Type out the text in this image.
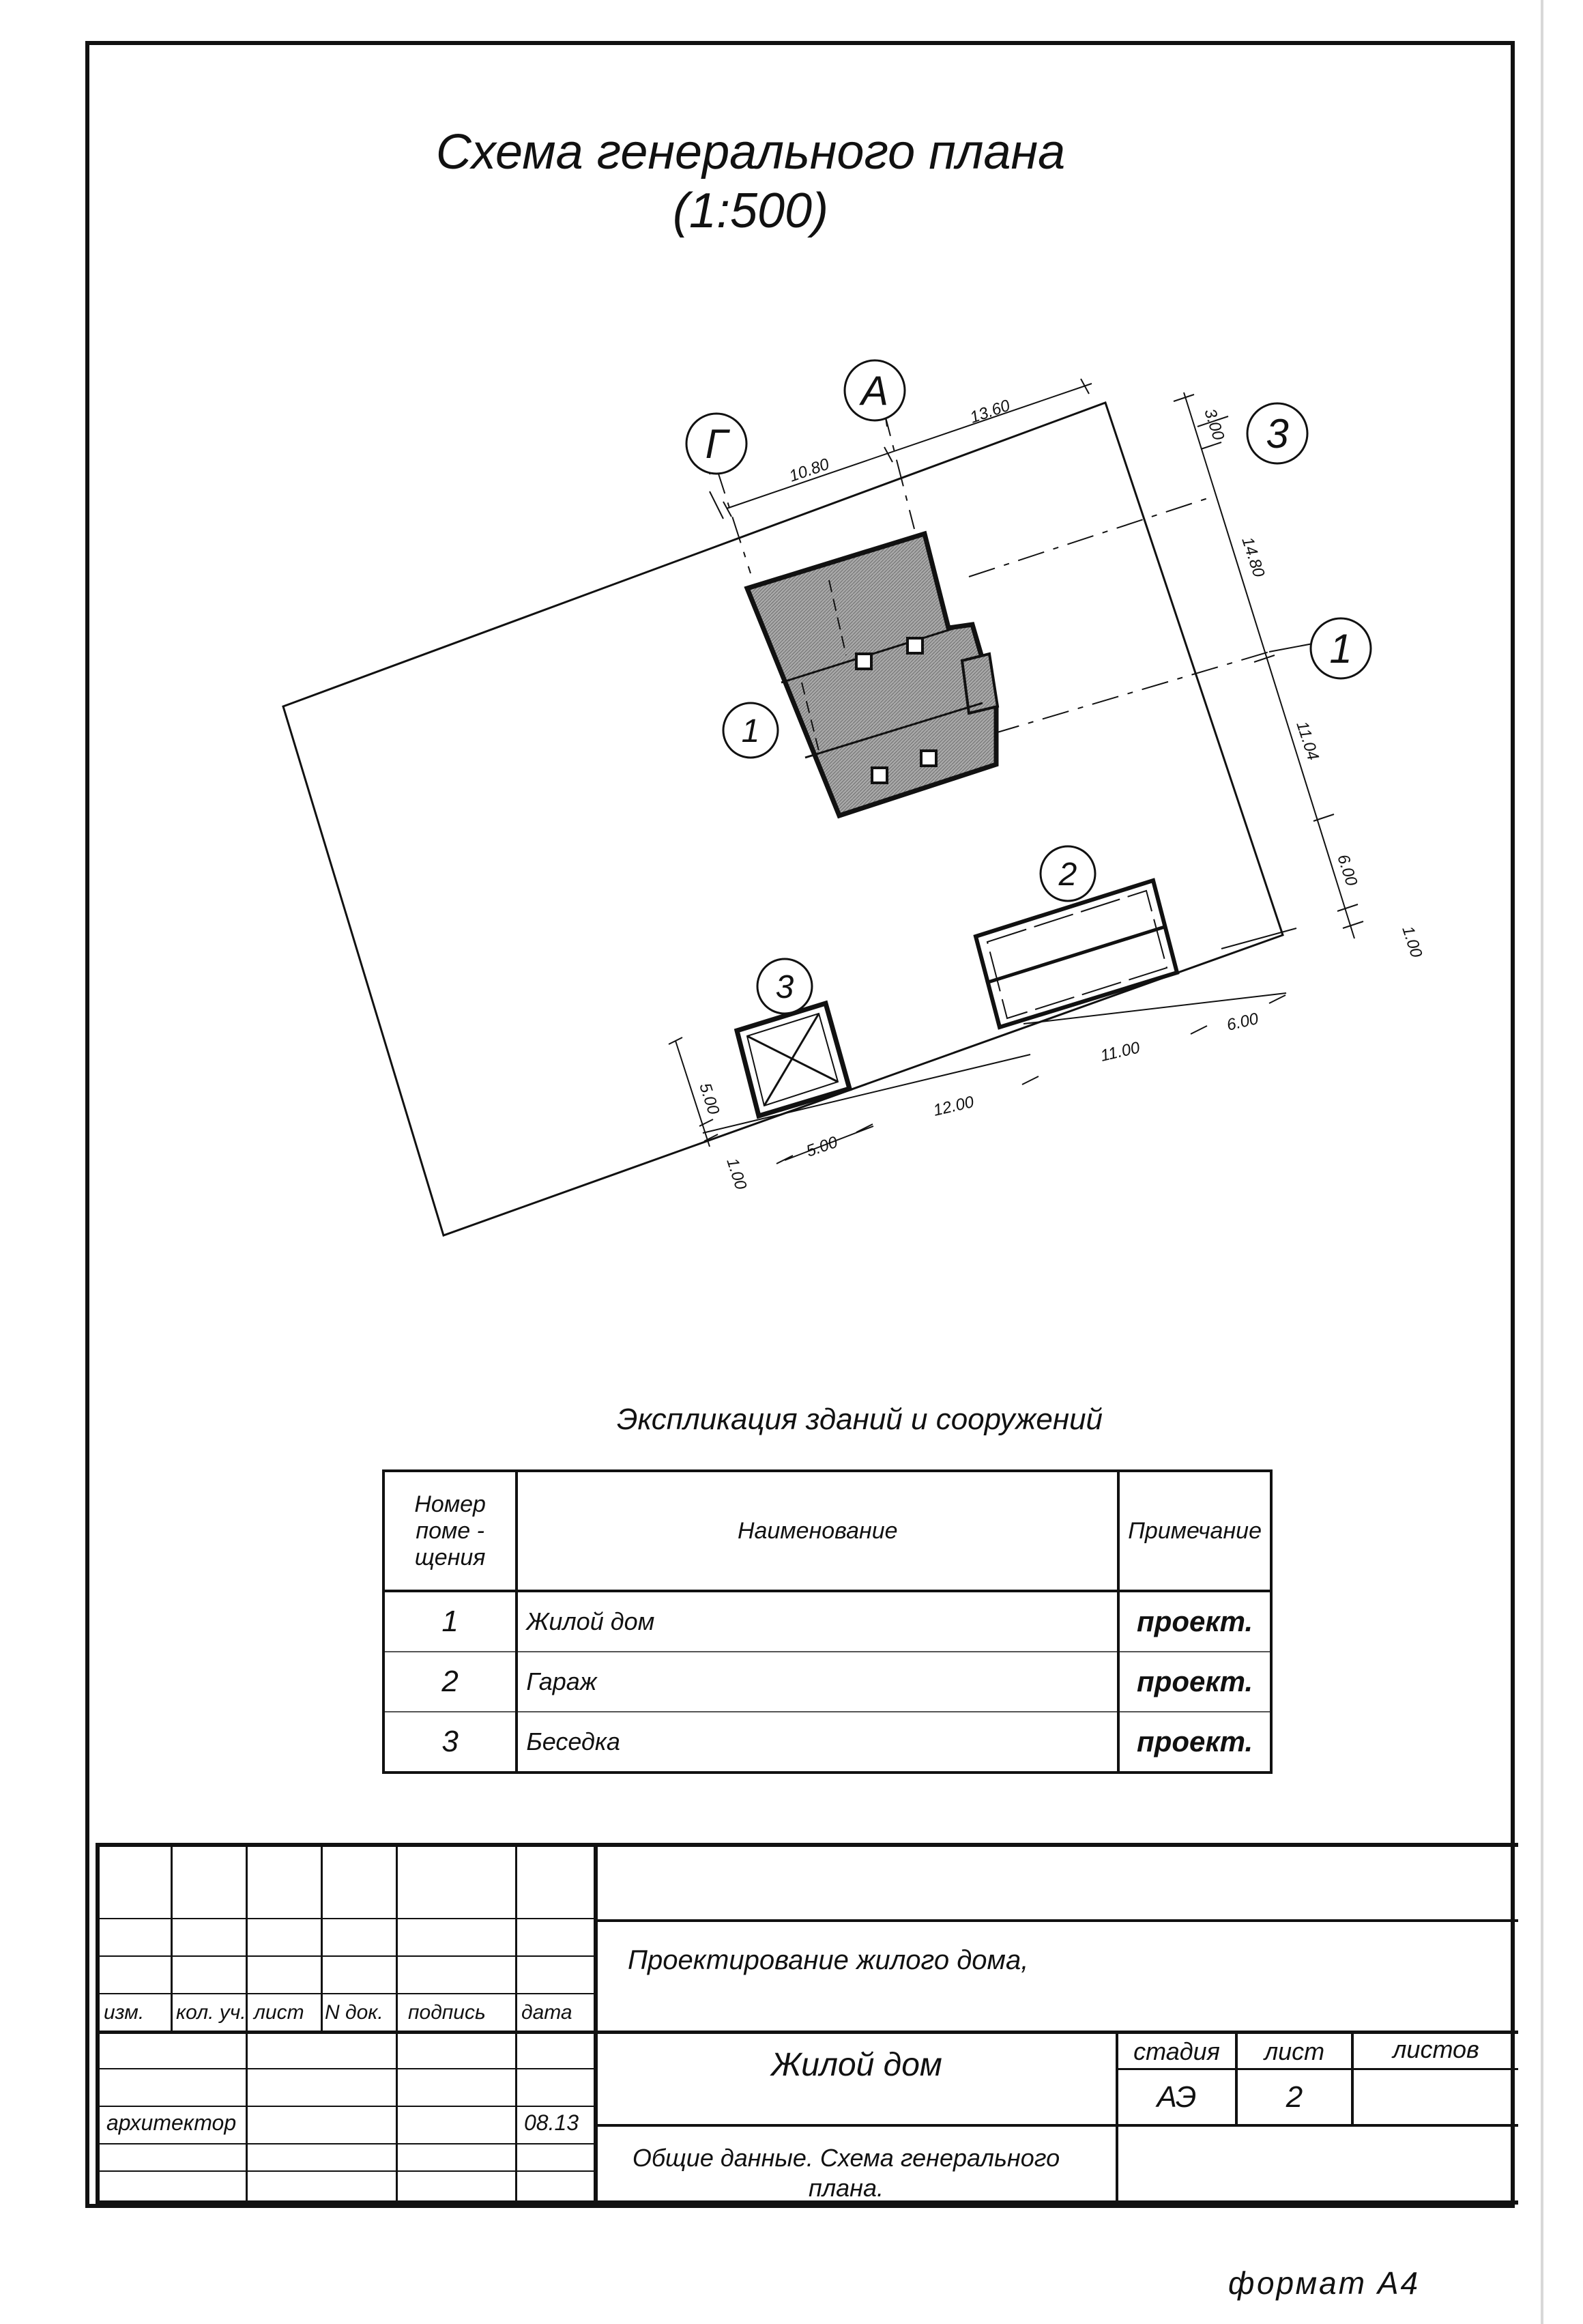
Схема генерального плана
(1:500)
Г
А
3
1
1
2
3
10.80
13.60	3.00
14.80
11.04
6.00
1.00
6.00
11.00
12.00
5.00
5.00
1.00
Экспликация зданий и сооружений
Номер поме - щения	Наименование	Примечание
1	Жилой дом	проект.
2	Гараж	проект.
3	Беседка	проект.
изм. кол. уч. лист N док. подпись дата
архитектор	08.13
Проектирование жилого дома,
Жилой дом
Общие данные. Схема генерального плана.
стадия	лист	листов
АЭ	2
формат А4
